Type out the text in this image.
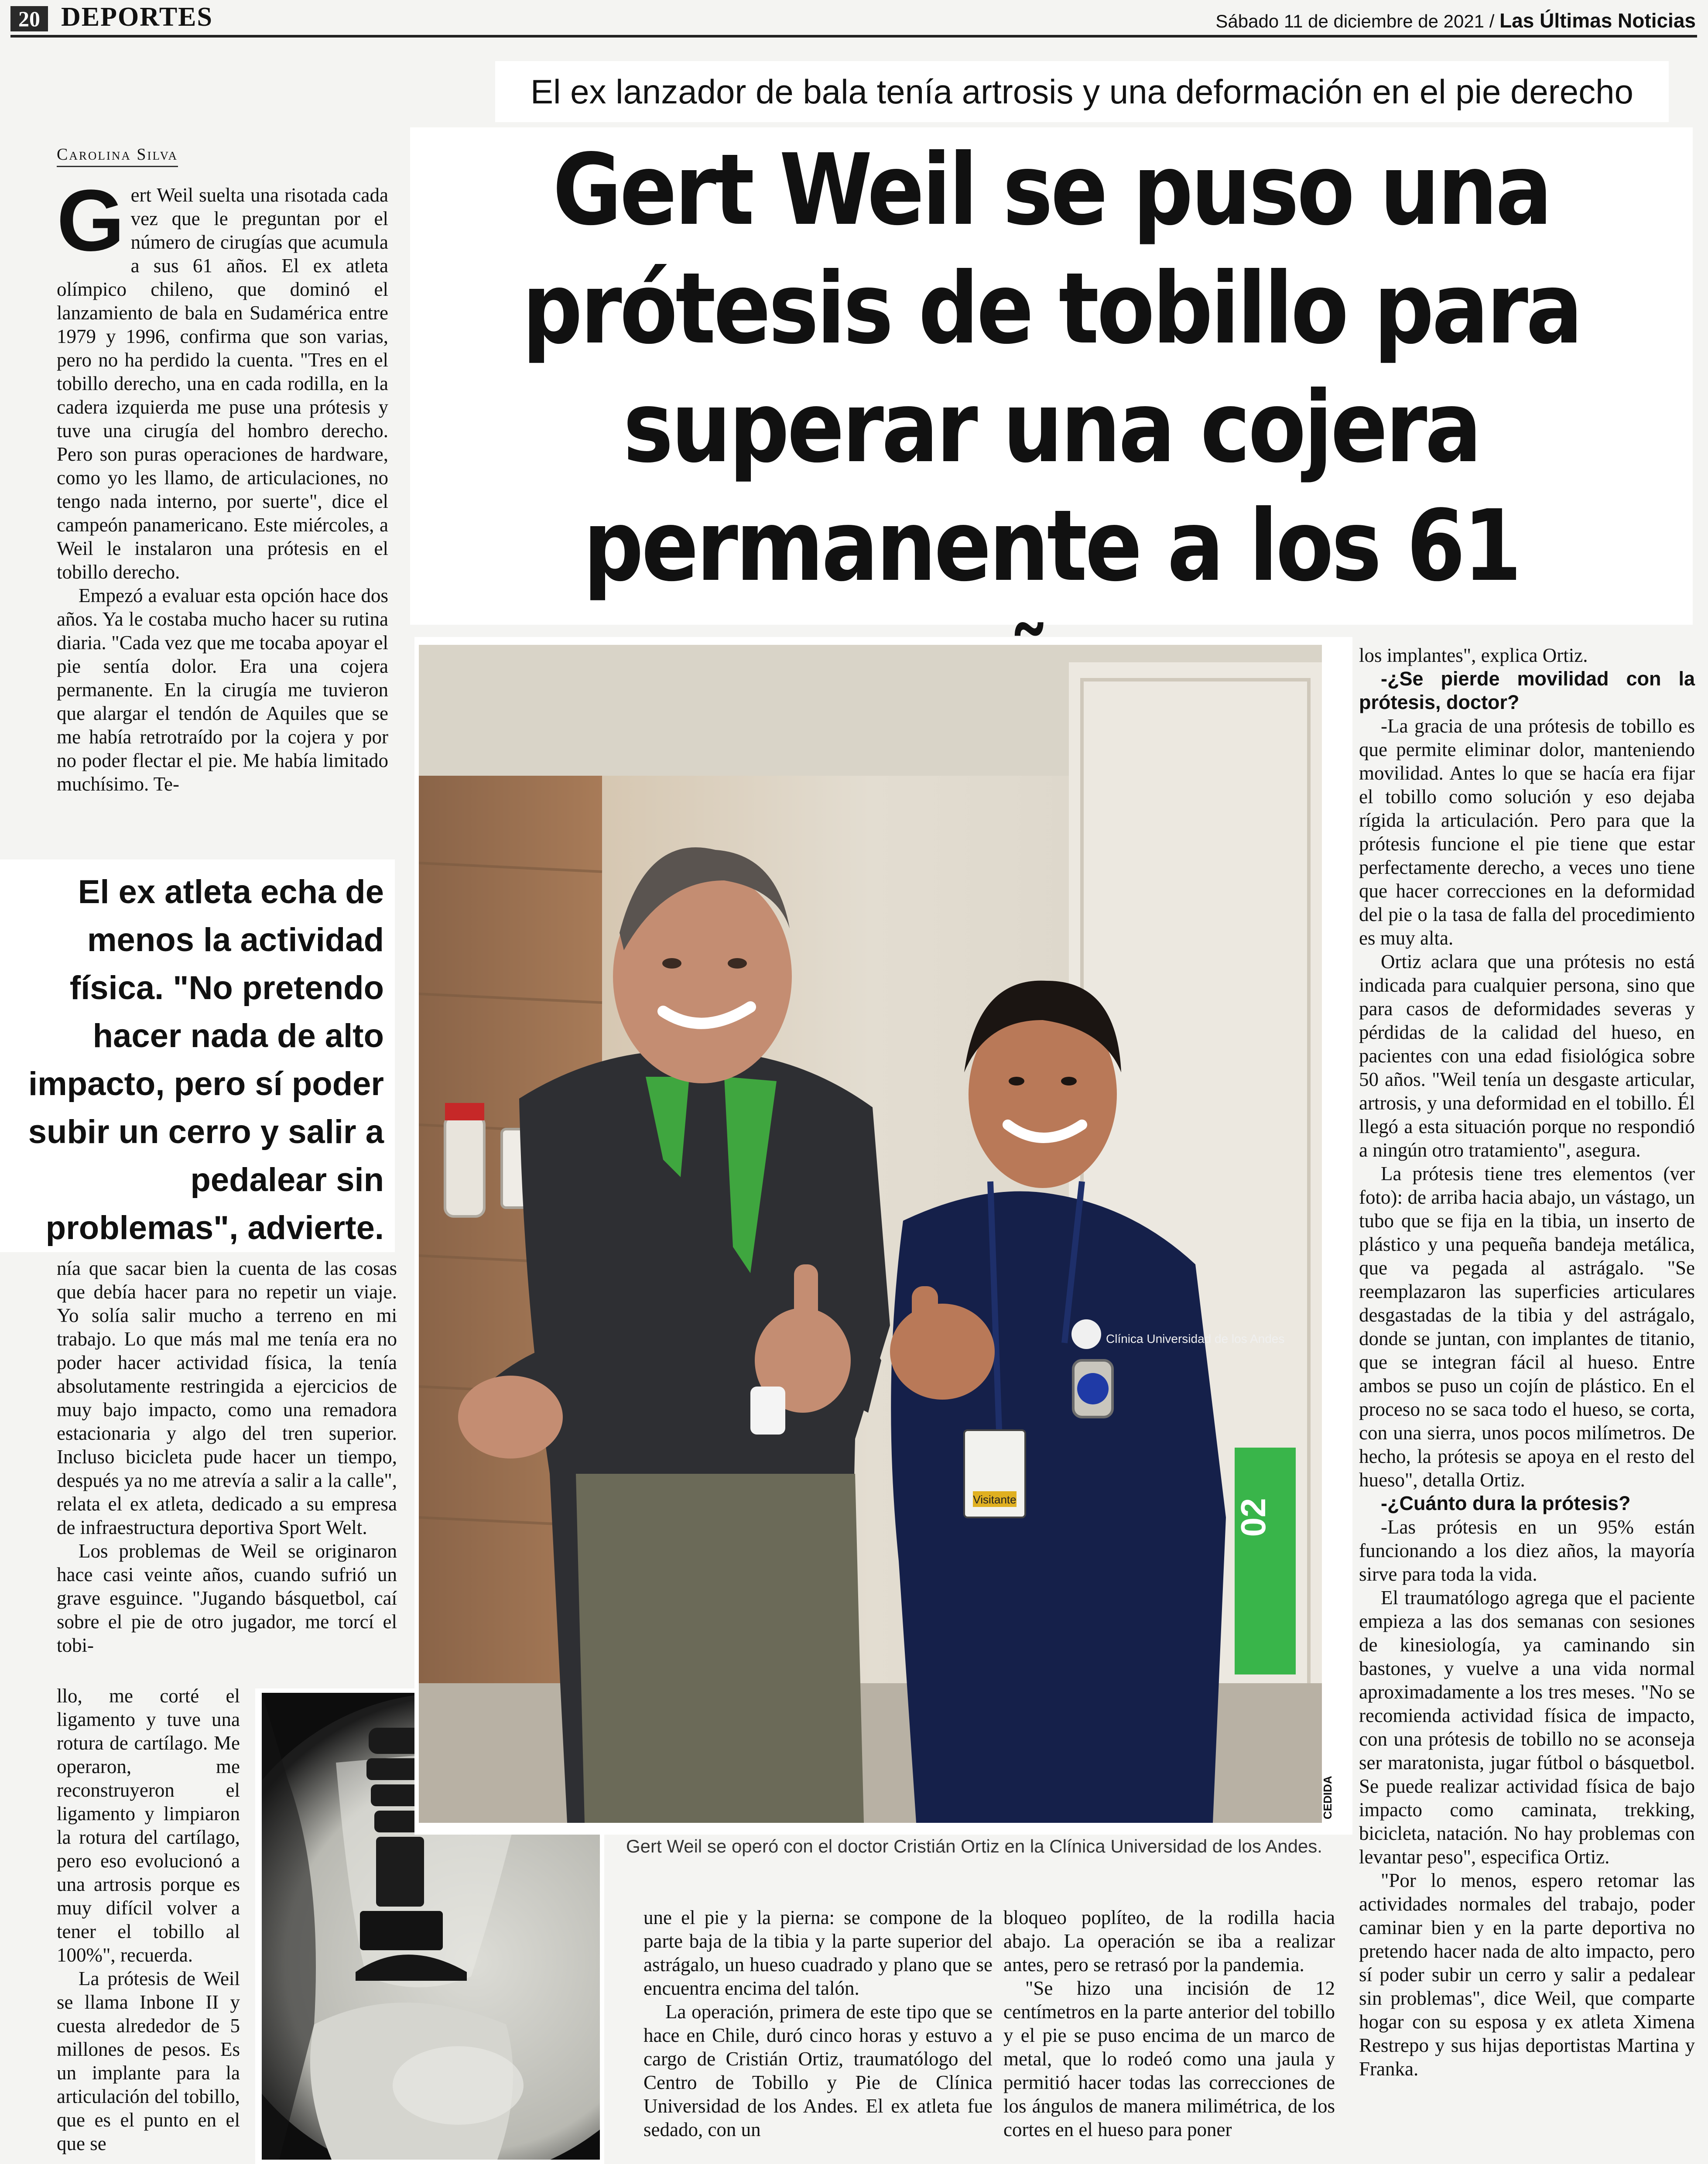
20 DEPORTES	Sábado 11 de diciembre de 2021 / Las Últimas Noticias
El ex lanzador de bala tenía artrosis y una deformación en el pie derecho
Gert Weil se puso una
prótesis de tobillo para
superar una cojera
permanente a los 61
Carolina Silva

Gert Weil suelta una risotada cada vez que le preguntan por el número de cirugías que acumula a sus 61 años. El ex atleta olímpico chileno, que dominó el lanzamiento de bala en Sudamérica entre 1979 y 1996, confirma que son varias, pero no ha perdido la cuenta. "Tres en el tobillo derecho, una en cada rodilla, en la cadera izquierda me puse una prótesis y tuve una cirugía del hombro derecho. Pero son puras operaciones de hardware, como yo les llamo, de articulaciones, no tengo nada interno, por suerte", dice el campeón panamericano. Este miércoles, a Weil le instalaron una prótesis en el tobillo derecho.

Empezó a evaluar esta opción hace dos años. Ya le costaba mucho hacer su rutina diaria. "Cada vez que me tocaba apoyar el pie sentía dolor. Era una cojera permanente. En la cirugía me tuvieron que alargar el tendón de Aquiles que se me había retrotraído por la cojera y por no poder flectar el pie. Me había limitado muchísimo. Te-

El ex atleta echa de menos la actividad física. "No pretendo hacer nada de alto impacto, pero sí poder subir un cerro y salir a pedalear sin problemas", advierte.

nía que sacar bien la cuenta de las cosas que debía hacer para no repetir un viaje. Yo solía salir mucho a terreno en mi trabajo. Lo que más mal me tenía era no poder hacer actividad física, la tenía absolutamente restringida a ejercicios de muy bajo impacto, como una remadora estacionaria y algo del tren superior. Incluso bicicleta pude hacer un tiempo, después ya no me atrevía a salir a la calle", relata el ex atleta, dedicado a su empresa de infraestructura deportiva Sport Welt.

Los problemas de Weil se originaron hace casi veinte años, cuando sufrió un grave esguince. "Jugando básquetbol, caí sobre el pie de otro jugador, me torcí el tobi-

llo, me corté el ligamento y tuve una rotura de cartílago. Me operaron, me reconstruyeron el ligamento y limpiaron la rotura del cartílago, pero eso evolucionó a una artrosis porque es muy difícil volver a tener el tobillo al 100%", recuerda.

La prótesis de Weil se llama Inbone II y cuesta alrededor de 5 millones de pesos. Es un implante para la articulación del tobillo, que es el punto en el que se

Visitante
Clínica Universidad de los Andes
02
CEDIDA
Gert Weil se operó con el doctor Cristián Ortiz en la Clínica Universidad de los Andes.

une el pie y la pierna: se compone de la parte baja de la tibia y la parte superior del astrágalo, un hueso cuadrado y plano que se encuentra encima del talón.

La operación, primera de este tipo que se hace en Chile, duró cinco horas y estuvo a cargo de Cristián Ortiz, traumatólogo del Centro de Tobillo y Pie de Clínica Universidad de los Andes. El ex atleta fue sedado, con un

bloqueo poplíteo, de la rodilla hacia abajo. La operación se iba a realizar antes, pero se retrasó por la pandemia.

"Se hizo una incisión de 12 centímetros en la parte anterior del tobillo y el pie se puso encima de un marco de metal, que lo rodeó como una jaula y permitió hacer todas las correcciones de los ángulos de manera milimétrica, de los cortes en el hueso para poner

los implantes", explica Ortiz.

-¿Se pierde movilidad con la prótesis, doctor?

-La gracia de una prótesis de tobillo es que permite eliminar dolor, manteniendo movilidad. Antes lo que se hacía era fijar el tobillo como solución y eso dejaba rígida la articulación. Pero para que la prótesis funcione el pie tiene que estar perfectamente derecho, a veces uno tiene que hacer correcciones en la deformidad del pie o la tasa de falla del procedimiento es muy alta.

Ortiz aclara que una prótesis no está indicada para cualquier persona, sino que para casos de deformidades severas y pérdidas de la calidad del hueso, en pacientes con una edad fisiológica sobre 50 años. "Weil tenía un desgaste articular, artrosis, y una deformidad en el tobillo. Él llegó a esta situación porque no respondió a ningún otro tratamiento", asegura.

La prótesis tiene tres elementos (ver foto): de arriba hacia abajo, un vástago, un tubo que se fija en la tibia, un inserto de plástico y una pequeña bandeja metálica, que va pegada al astrágalo. "Se reemplazaron las superficies articulares desgastadas de la tibia y del astrágalo, donde se juntan, con implantes de titanio, que se integran fácil al hueso. Entre ambos se puso un cojín de plástico. En el proceso no se saca todo el hueso, se corta, con una sierra, unos pocos milímetros. De hecho, la prótesis se apoya en el resto del hueso", detalla Ortiz.

-¿Cuánto dura la prótesis?

-Las prótesis en un 95% están funcionando a los diez años, la mayoría sirve para toda la vida.

El traumatólogo agrega que el paciente empieza a las dos semanas con sesiones de kinesiología, ya caminando sin bastones, y vuelve a una vida normal aproximadamente a los tres meses. "No se recomienda actividad física de impacto, con una prótesis de tobillo no se aconseja ser maratonista, jugar fútbol o básquetbol. Se puede realizar actividad física de bajo impacto como caminata, trekking, bicicleta, natación. No hay problemas con levantar peso", especifica Ortiz.

"Por lo menos, espero retomar las actividades normales del trabajo, poder caminar bien y en la parte deportiva no pretendo hacer nada de alto impacto, pero sí poder subir un cerro y salir a pedalear sin problemas", dice Weil, que comparte hogar con su esposa y ex atleta Ximena Restrepo y sus hijas deportistas Martina y Franka.
